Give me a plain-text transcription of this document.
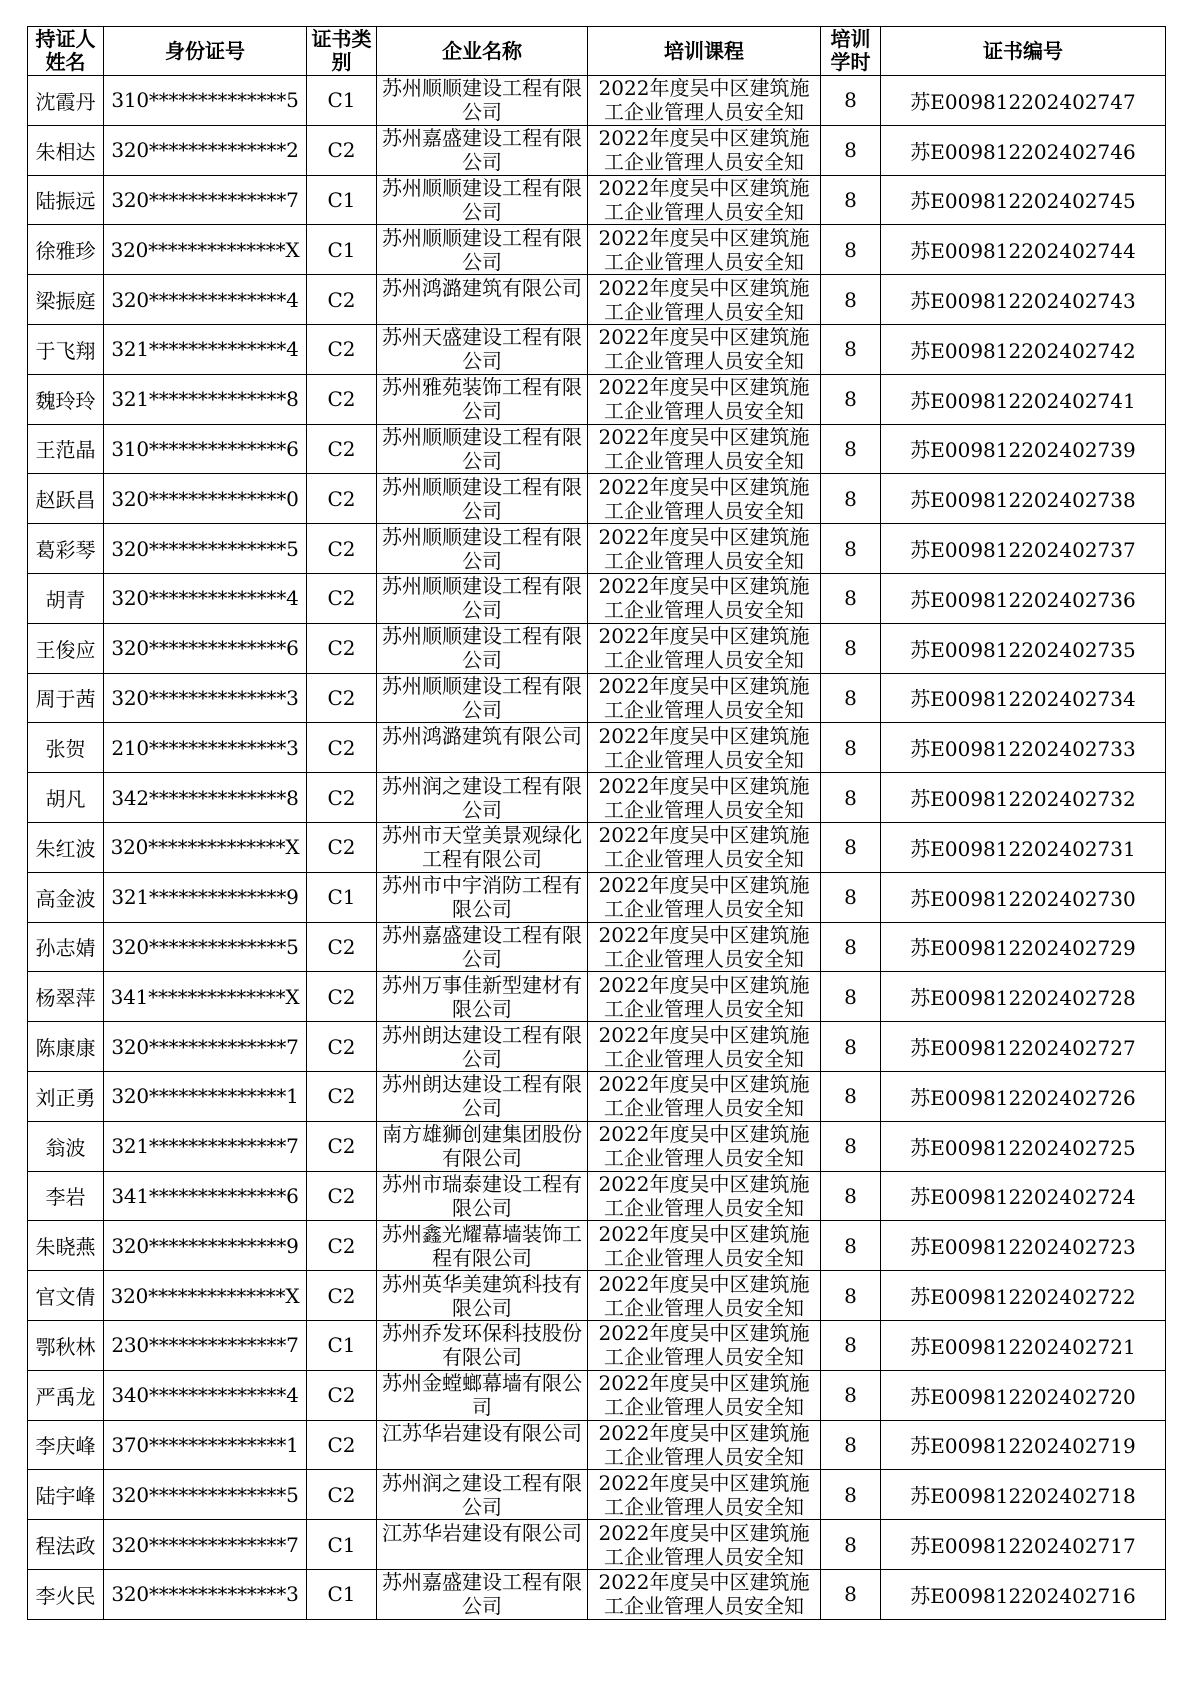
持证人姓名	身份证号	证书类别	企业名称	培训课程	培训学时	证书编号
沈霞丹	310**************5	C1	苏州顺顺建设工程有限公司	2022年度吴中区建筑施工企业管理人员安全知	8	苏E009812202402747
朱相达	320**************2	C2	苏州嘉盛建设工程有限公司	2022年度吴中区建筑施工企业管理人员安全知	8	苏E009812202402746
陆振远	320**************7	C1	苏州顺顺建设工程有限公司	2022年度吴中区建筑施工企业管理人员安全知	8	苏E009812202402745
徐雅珍	320**************X	C1	苏州顺顺建设工程有限公司	2022年度吴中区建筑施工企业管理人员安全知	8	苏E009812202402744
梁振庭	320**************4	C2	苏州鸿潞建筑有限公司	2022年度吴中区建筑施工企业管理人员安全知	8	苏E009812202402743
于飞翔	321**************4	C2	苏州天盛建设工程有限公司	2022年度吴中区建筑施工企业管理人员安全知	8	苏E009812202402742
魏玲玲	321**************8	C2	苏州雅苑装饰工程有限公司	2022年度吴中区建筑施工企业管理人员安全知	8	苏E009812202402741
王范晶	310**************6	C2	苏州顺顺建设工程有限公司	2022年度吴中区建筑施工企业管理人员安全知	8	苏E009812202402739
赵跃昌	320**************0	C2	苏州顺顺建设工程有限公司	2022年度吴中区建筑施工企业管理人员安全知	8	苏E009812202402738
葛彩琴	320**************5	C2	苏州顺顺建设工程有限公司	2022年度吴中区建筑施工企业管理人员安全知	8	苏E009812202402737
胡青	320**************4	C2	苏州顺顺建设工程有限公司	2022年度吴中区建筑施工企业管理人员安全知	8	苏E009812202402736
王俊应	320**************6	C2	苏州顺顺建设工程有限公司	2022年度吴中区建筑施工企业管理人员安全知	8	苏E009812202402735
周于茜	320**************3	C2	苏州顺顺建设工程有限公司	2022年度吴中区建筑施工企业管理人员安全知	8	苏E009812202402734
张贺	210**************3	C2	苏州鸿潞建筑有限公司	2022年度吴中区建筑施工企业管理人员安全知	8	苏E009812202402733
胡凡	342**************8	C2	苏州润之建设工程有限公司	2022年度吴中区建筑施工企业管理人员安全知	8	苏E009812202402732
朱红波	320**************X	C2	苏州市天堂美景观绿化工程有限公司	2022年度吴中区建筑施工企业管理人员安全知	8	苏E009812202402731
高金波	321**************9	C1	苏州市中宇消防工程有限公司	2022年度吴中区建筑施工企业管理人员安全知	8	苏E009812202402730
孙志婧	320**************5	C2	苏州嘉盛建设工程有限公司	2022年度吴中区建筑施工企业管理人员安全知	8	苏E009812202402729
杨翠萍	341**************X	C2	苏州万事佳新型建材有限公司	2022年度吴中区建筑施工企业管理人员安全知	8	苏E009812202402728
陈康康	320**************7	C2	苏州朗达建设工程有限公司	2022年度吴中区建筑施工企业管理人员安全知	8	苏E009812202402727
刘正勇	320**************1	C2	苏州朗达建设工程有限公司	2022年度吴中区建筑施工企业管理人员安全知	8	苏E009812202402726
翁波	321**************7	C2	南方雄狮创建集团股份有限公司	2022年度吴中区建筑施工企业管理人员安全知	8	苏E009812202402725
李岩	341**************6	C2	苏州市瑞泰建设工程有限公司	2022年度吴中区建筑施工企业管理人员安全知	8	苏E009812202402724
朱晓燕	320**************9	C2	苏州鑫光耀幕墙装饰工程有限公司	2022年度吴中区建筑施工企业管理人员安全知	8	苏E009812202402723
官文倩	320**************X	C2	苏州英华美建筑科技有限公司	2022年度吴中区建筑施工企业管理人员安全知	8	苏E009812202402722
鄂秋林	230**************7	C1	苏州乔发环保科技股份有限公司	2022年度吴中区建筑施工企业管理人员安全知	8	苏E009812202402721
严禹龙	340**************4	C2	苏州金螳螂幕墙有限公司	2022年度吴中区建筑施工企业管理人员安全知	8	苏E009812202402720
李庆峰	370**************1	C2	江苏华岩建设有限公司	2022年度吴中区建筑施工企业管理人员安全知	8	苏E009812202402719
陆宇峰	320**************5	C2	苏州润之建设工程有限公司	2022年度吴中区建筑施工企业管理人员安全知	8	苏E009812202402718
程法政	320**************7	C1	江苏华岩建设有限公司	2022年度吴中区建筑施工企业管理人员安全知	8	苏E009812202402717
李火民	320**************3	C1	苏州嘉盛建设工程有限公司	2022年度吴中区建筑施工企业管理人员安全知	8	苏E009812202402716
